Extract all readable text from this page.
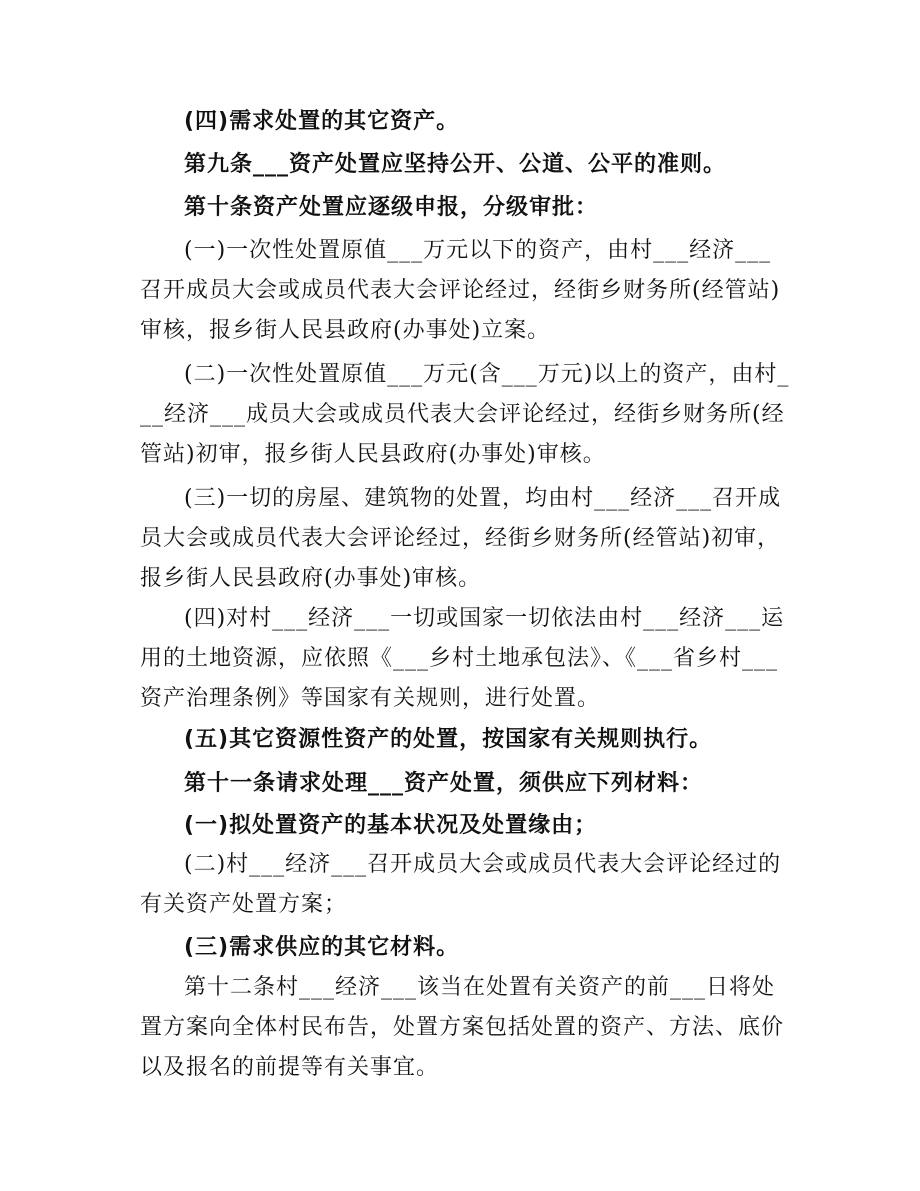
(四)需求处置的其它资产。

第九条___资产处置应坚持公开、公道、公平的准则。

第十条资产处置应逐级申报，分级审批：

(一)一次性处置原值___万元以下的资产，由村___经济___召开成员大会或成员代表大会评论经过，经街乡财务所(经管站)审核，报乡街人民县政府(办事处)立案。

(二)一次性处置原值___万元(含___万元)以上的资产，由村___经济___成员大会或成员代表大会评论经过，经街乡财务所(经管站)初审，报乡街人民县政府(办事处)审核。

(三)一切的房屋、建筑物的处置，均由村___经济___召开成员大会或成员代表大会评论经过，经街乡财务所(经管站)初审，报乡街人民县政府(办事处)审核。

(四)对村___经济___一切或国家一切依法由村___经济___运用的土地资源，应依照《___乡村土地承包法》、《___省乡村___资产治理条例》等国家有关规则，进行处置。

(五)其它资源性资产的处置，按国家有关规则执行。

第十一条请求处理___资产处置，须供应下列材料：

(一)拟处置资产的基本状况及处置缘由；

(二)村___经济___召开成员大会或成员代表大会评论经过的有关资产处置方案；

(三)需求供应的其它材料。

第十二条村___经济___该当在处置有关资产的前___日将处置方案向全体村民布告，处置方案包括处置的资产、方法、底价以及报名的前提等有关事宜。
